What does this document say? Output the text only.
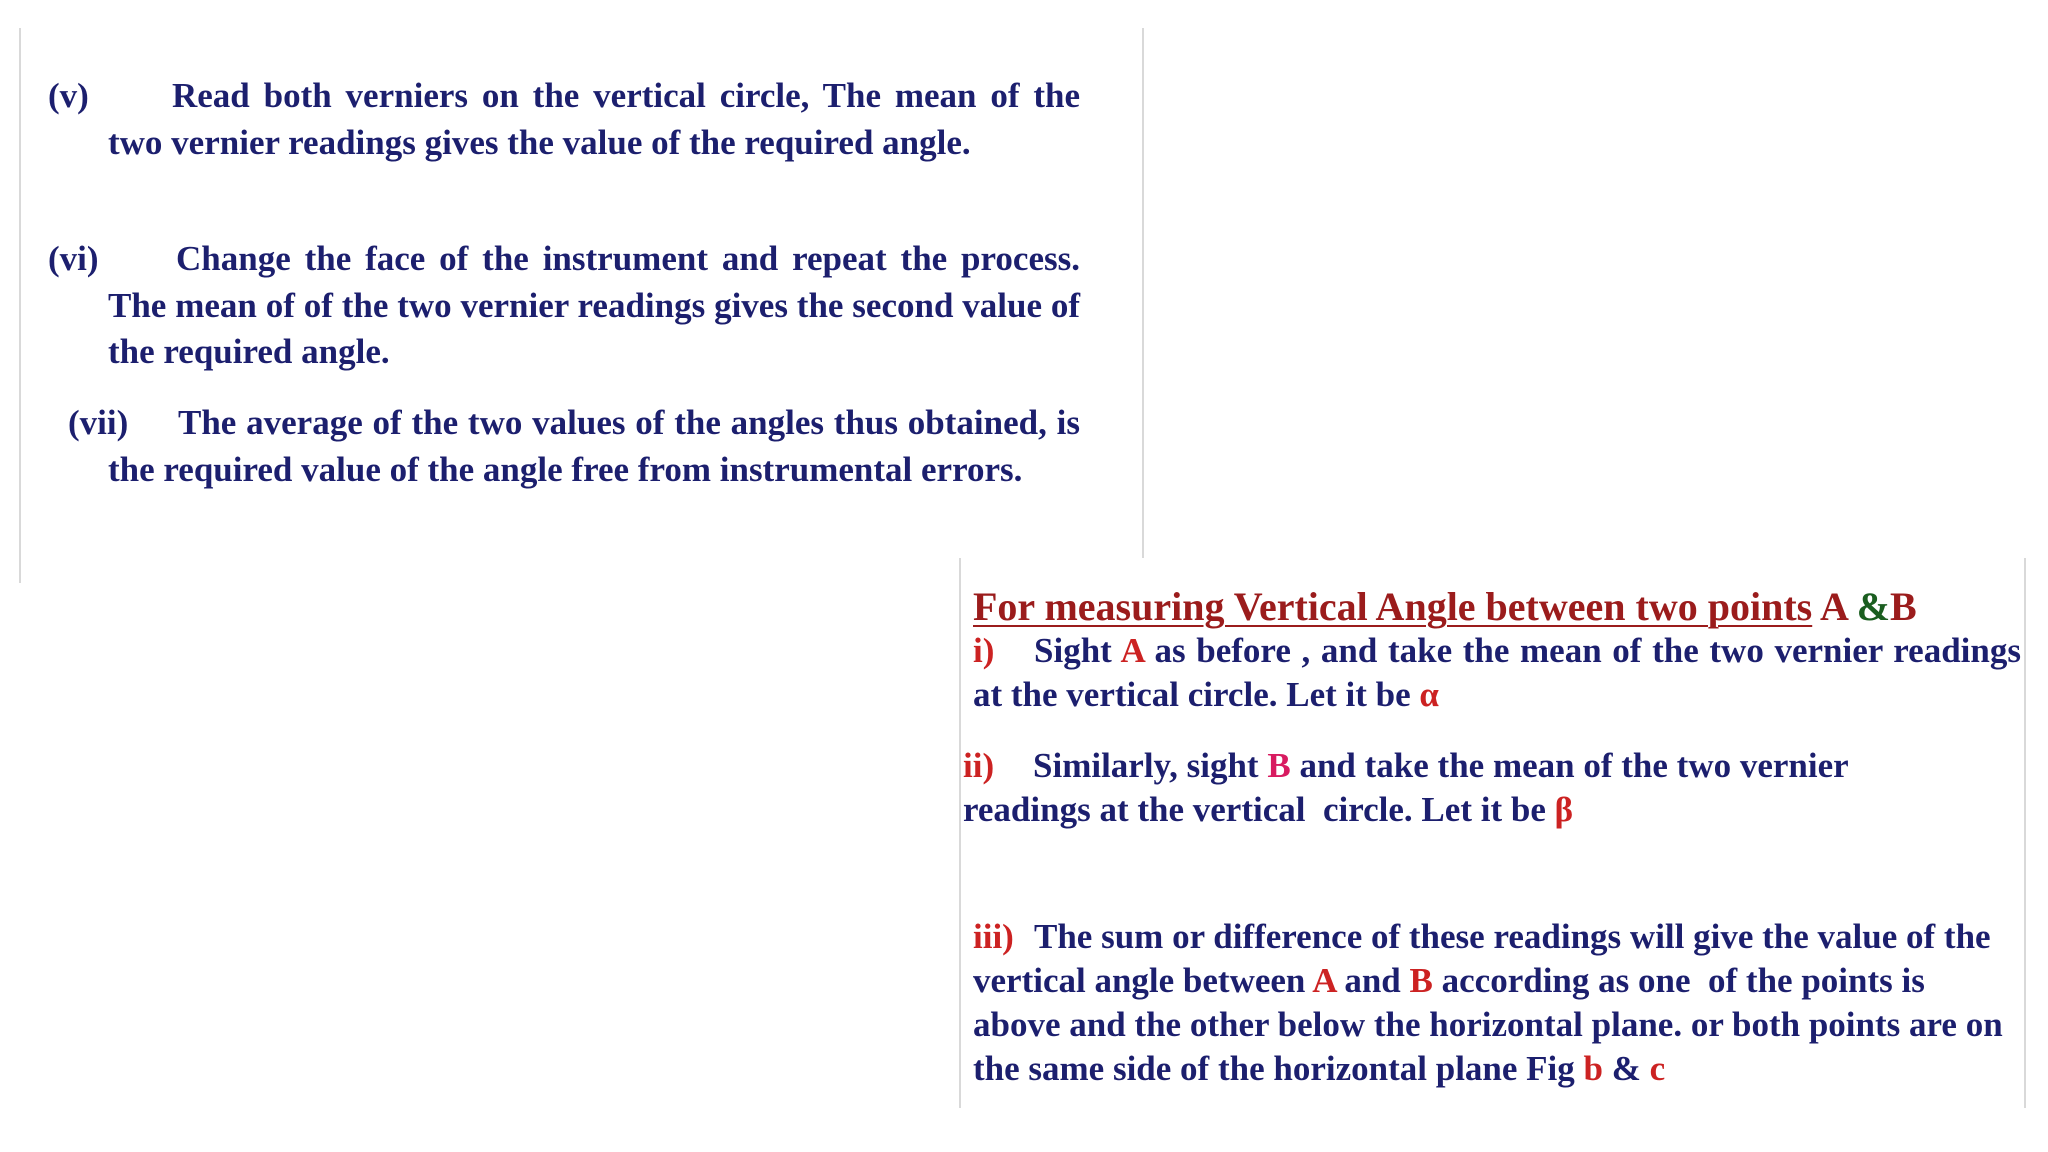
(v) Read both verniers on the vertical circle, The mean of the two vernier readings gives the value of the required angle.

(vi) Change the face of the instrument and repeat the process. The mean of of the two vernier readings gives the second value of the required angle.

(vii) The average of the two values of the angles thus obtained, is the required value of the angle free from instrumental errors.

For measuring Vertical Angle between two points A &B

i) Sight A as before , and take the mean of the two vernier readings at the vertical circle. Let it be α

ii) Similarly, sight B and take the mean of the two vernier
readings at the vertical  circle. Let it be β

iii) The sum or difference of these readings will give the value of the vertical angle between A and B according as one  of the points is above and the other below the horizontal plane. or both points are on the same side of the horizontal plane Fig b & c
